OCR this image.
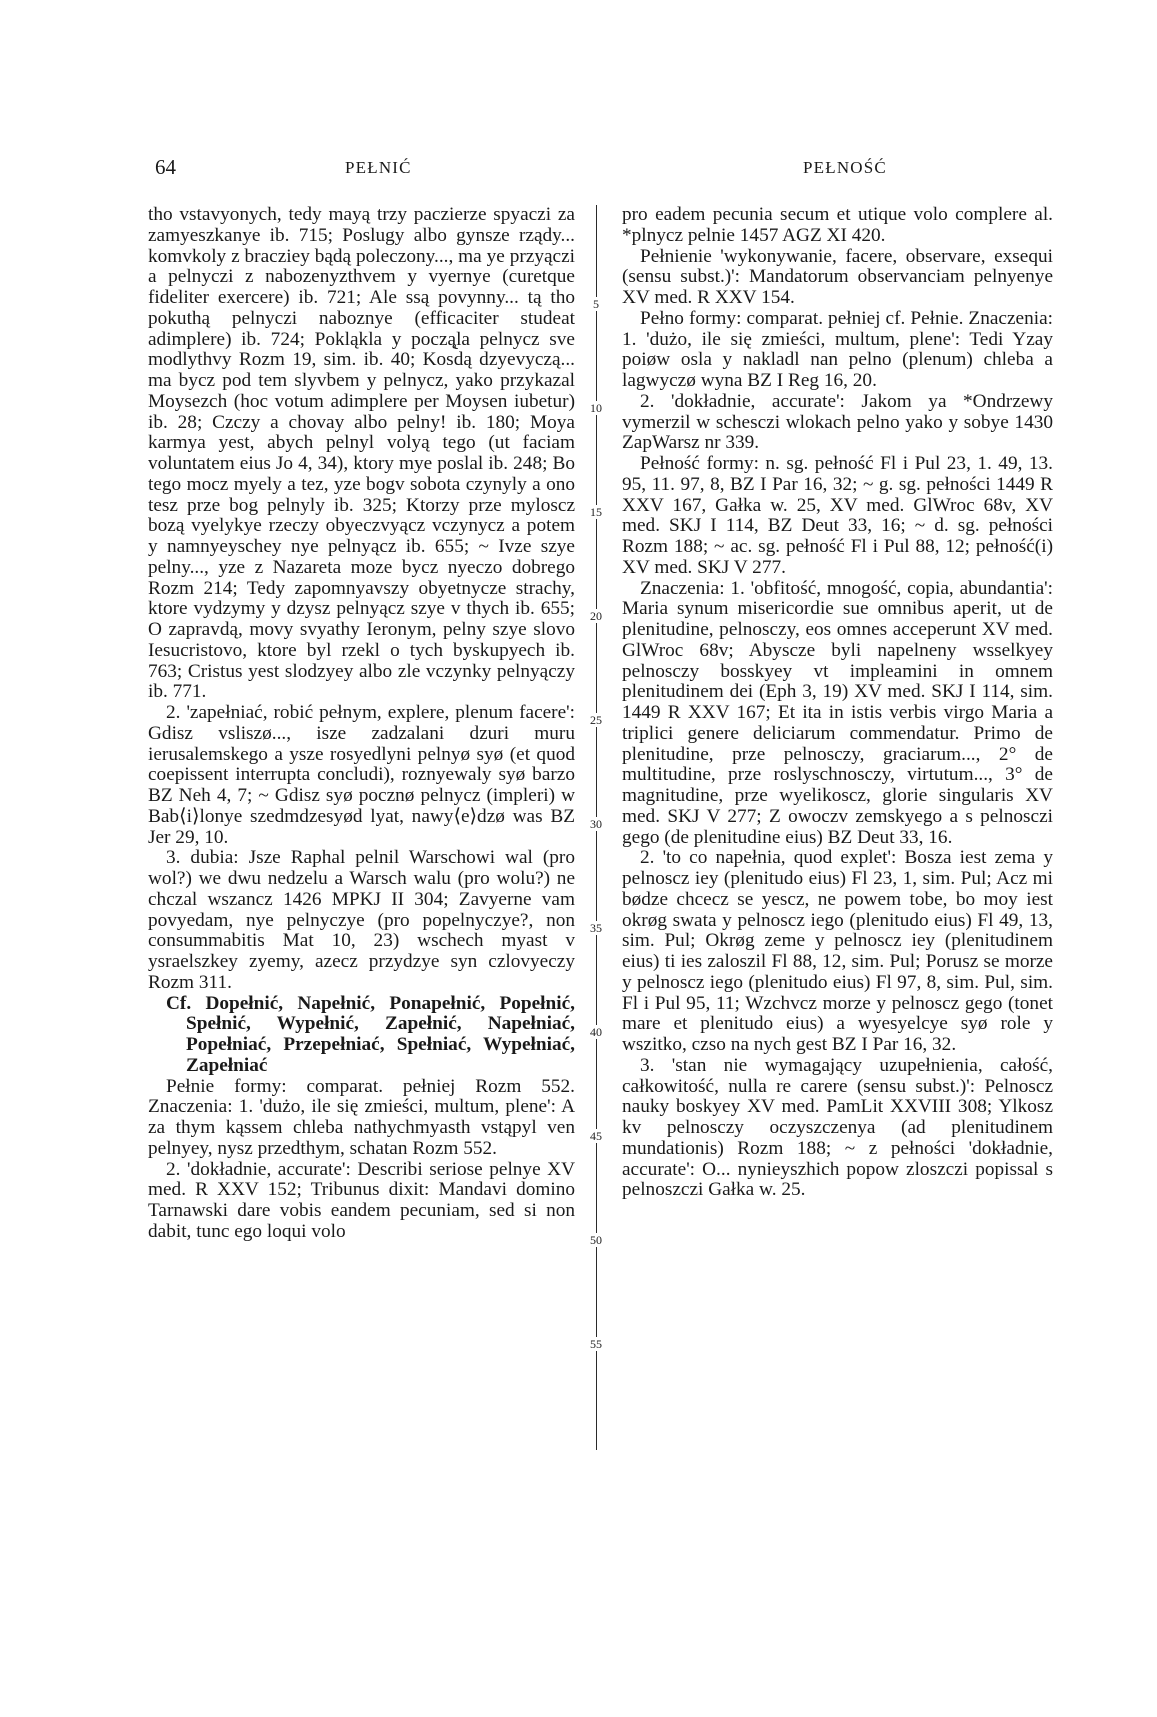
64	PEŁNIĆ	PEŁNOŚĆ

tho vstavyonych, tedy mayą trzy paczierze spyaczi za zamyeszkanye ib. 715; Poslugy albo gynsze rządy... komvkoly z bracziey bądą poleczony..., ma ye przyączi a pelnyczi z nabozenyzthvem y vyernye (curetque fideliter exercere) ib. 721; Ale ssą povynny... tą tho pokuthą pelnyczi naboznye (efficaciter studeat adimplere) ib. 724; Pokląkla y począ̨la pelnycz sve modlythvy Rozm 19, sim. ib. 40; Kosdą dzyevyczą... ma bycz pod tem slyvbem y pelnycz, yako przykazal Moysezch (hoc votum adimplere per Moysen iubetur) ib. 28; Czczy a chovay albo pelny! ib. 180; Moya karmya yest, abych pelnyl volyą tego (ut faciam voluntatem eius Jo 4, 34), ktory mye poslal ib. 248; Bo tego mocz myely a tez, yze bogv sobota czynyly a ono tesz prze bog pelnyly ib. 325; Ktorzy prze myloscz bozą vyelykye rzeczy obyeczvyącz vczynycz a potem y namnyeyschey nye pelnyącz ib. 655; ~ Ivze szye pelny..., yze z Nazareta moze bycz nyeczo dobrego Rozm 214; Tedy zapomnyavszy obyetnycze strachy, ktore vydzymy y dzysz pelnyącz szye v thych ib. 655; O zapravdą, movy svyathy Ieronym, pelny szye slovo Iesucristovo, ktore byl rzekl o tych byskupyech ib. 763; Cristus yest slodzyey albo zle vczynky pelnyączy ib. 771.

2. 'zapełniać, robić pełnym, explere, plenum facere': Gdisz vsliszø..., isze zadzalani dzuri muru ierusalemskego a ysze rosyedlyni pelnyø syø (et quod coepissent interrupta concludi), roznyewaly syø barzo BZ Neh 4, 7; ~ Gdisz syø pocznø pelnycz (impleri) w Bab⟨i⟩lonye szedmdzesyød lyat, nawy⟨e⟩dzø was BZ Jer 29, 10.

3. dubia: Jsze Raphal pelnil Warschowi wal (pro wol?) we dwu nedzelu a Warsch walu (pro wolu?) ne chczal wszancz 1426 MPKJ II 304; Zavyerne vam povyedam, nye pelnyczye (pro popelnyczye?, non consummabitis Mat 10, 23) wschech myast v ysraelszkey zyemy, azecz przydzye syn czlovyeczy Rozm 311.

Cf. Dopełnić, Napełnić, Ponapełnić, Popełnić, Spełnić, Wypełnić, Zapełnić, Napełniać, Popełniać, Przepełniać, Spełniać, Wypełniać, Zapełniać

Pełnie formy: comparat. pełniej Rozm 552. Znaczenia: 1. 'dużo, ile się zmieści, multum, plene': A za thym kąssem chleba nathychmyasth vstąpyl ven pelnyey, nysz przedthym, schatan Rozm 552.

2. 'dokładnie, accurate': Describi seriose pelnye XV med. R XXV 152; Tribunus dixit: Mandavi domino Tarnawski dare vobis eandem pecuniam, sed si non dabit, tunc ego loqui volo

5
10
15
20
25
30
35
40
45
50
55

pro eadem pecunia secum et utique volo complere al. *plnycz pelnie 1457 AGZ XI 420.

Pełnienie 'wykonywanie, facere, observare, exsequi (sensu subst.)': Mandatorum observanciam pelnyenye XV med. R XXV 154.

Pełno formy: comparat. pełniej cf. Pełnie. Znaczenia: 1. 'dużo, ile się zmieści, multum, plene': Tedi Yzay poiøw osla y nakladl nan pelno (plenum) chleba a lagwyczø wyna BZ I Reg 16, 20.

2. 'dokładnie, accurate': Jakom ya *Ondrzewy vymerzil w schesczi wlokach pelno yako y sobye 1430 ZapWarsz nr 339.

Pełność formy: n. sg. pełność Fl i Pul 23, 1. 49, 13. 95, 11. 97, 8, BZ I Par 16, 32; ~ g. sg. pełności 1449 R XXV 167, Gałka w. 25, XV med. GlWroc 68v, XV med. SKJ I 114, BZ Deut 33, 16; ~ d. sg. pełności Rozm 188; ~ ac. sg. pełność Fl i Pul 88, 12; pełność(i) XV med. SKJ V 277.

Znaczenia: 1. 'obfitość, mnogość, copia, abundantia': Maria synum misericordie sue omnibus aperit, ut de plenitudine, pelnosczy, eos omnes acceperunt XV med. GlWroc 68v; Abyscze byli napelneny wsselkyey pelnosczy bosskyey vt impleamini in omnem plenitudinem dei (Eph 3, 19) XV med. SKJ I 114, sim. 1449 R XXV 167; Et ita in istis verbis virgo Maria a triplici genere deliciarum commendatur. Primo de plenitudine, prze pelnosczy, graciarum..., 2° de multitudine, prze roslyschnosczy, virtutum..., 3° de magnitudine, prze wyelikoscz, glorie singularis XV med. SKJ V 277; Z owoczv zemskyego a s pelnosczi gego (de plenitudine eius) BZ Deut 33, 16.

2. 'to co napełnia, quod explet': Bosza iest zema y pelnoscz iey (plenitudo eius) Fl 23, 1, sim. Pul; Acz mi bødze chcecz se yescz, ne powem tobe, bo moy iest okrøg swata y pelnoscz iego (plenitudo eius) Fl 49, 13, sim. Pul; Okrøg zeme y pelnoscz iey (plenitudinem eius) ti ies zaloszil Fl 88, 12, sim. Pul; Porusz se morze y pelnoscz iego (plenitudo eius) Fl 97, 8, sim. Pul, sim. Fl i Pul 95, 11; Wzchvcz morze y pelnoscz gego (tonet mare et plenitudo eius) a wyesyelcye syø role y wszitko, czso na nych gest BZ I Par 16, 32.

3. 'stan nie wymagający uzupełnienia, całość, całkowitość, nulla re carere (sensu subst.)': Pelnoscz nauky boskyey XV med. PamLit XXVIII 308; Ylkosz kv pelnosczy oczyszczenya (ad plenitudinem mundationis) Rozm 188; ~ z pełności 'dokładnie, accurate': O... nynieyszhich popow zloszczi popissal s pelnoszczi Gałka w. 25.
